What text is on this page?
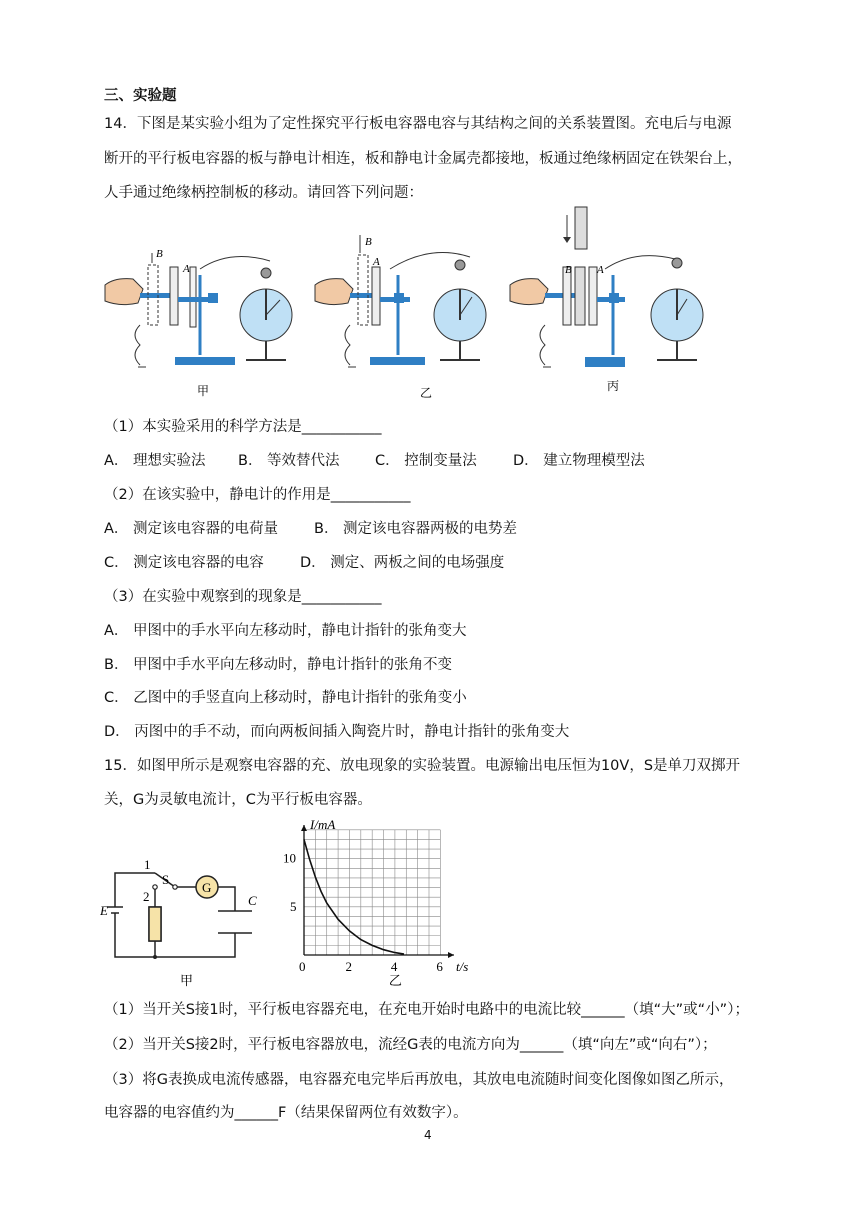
三、实验题
14．下图是某实验小组为了定性探究平行板电容器电容与其结构之间的关系装置图。充电后与电源
断开的平行板电容器的板与静电计相连，板和静电计金属壳都接地，板通过绝缘柄固定在铁架台上，
人手通过绝缘柄控制板的移动。请回答下列问题：
B
A
甲
B
A
乙
B A
丙
（1）本实验采用的科学方法是___________
A． 理想实验法 B． 等效替代法 C． 控制变量法	D． 建立物理模型法
（2）在该实验中，静电计的作用是___________
A． 测定该电容器的电荷量 B． 测定该电容器两极的电势差
C． 测定该电容器的电容	D． 测定、两板之间的电场强度
（3）在实验中观察到的现象是___________
A． 甲图中的手水平向左移动时，静电计指针的张角变大
B． 甲图中手水平向左移动时，静电计指针的张角不变
C． 乙图中的手竖直向上移动时，静电计指针的张角变小
D． 丙图中的手不动，而向两板间插入陶瓷片时，静电计指针的张角变大
15．如图甲所示是观察电容器的充、放电现象的实验装置。电源输出电压恒为10V，S是单刀双掷开
关，G为灵敏电流计，C为平行板电容器。
1
2
S
G
C
E
甲
2	4	6
5
10
I/mA
t/s
0
乙
（1）当开关S接1时，平行板电容器充电，在充电开始时电路中的电流比较______（填“大”或“小”）；
（2）当开关S接2时，平行板电容器放电，流经G表的电流方向为______（填“向左”或“向右”）；
（3）将G表换成电流传感器，电容器充电完毕后再放电，其放电电流随时间变化图像如图乙所示，
电容器的电容值约为______F（结果保留两位有效数字）。
4
